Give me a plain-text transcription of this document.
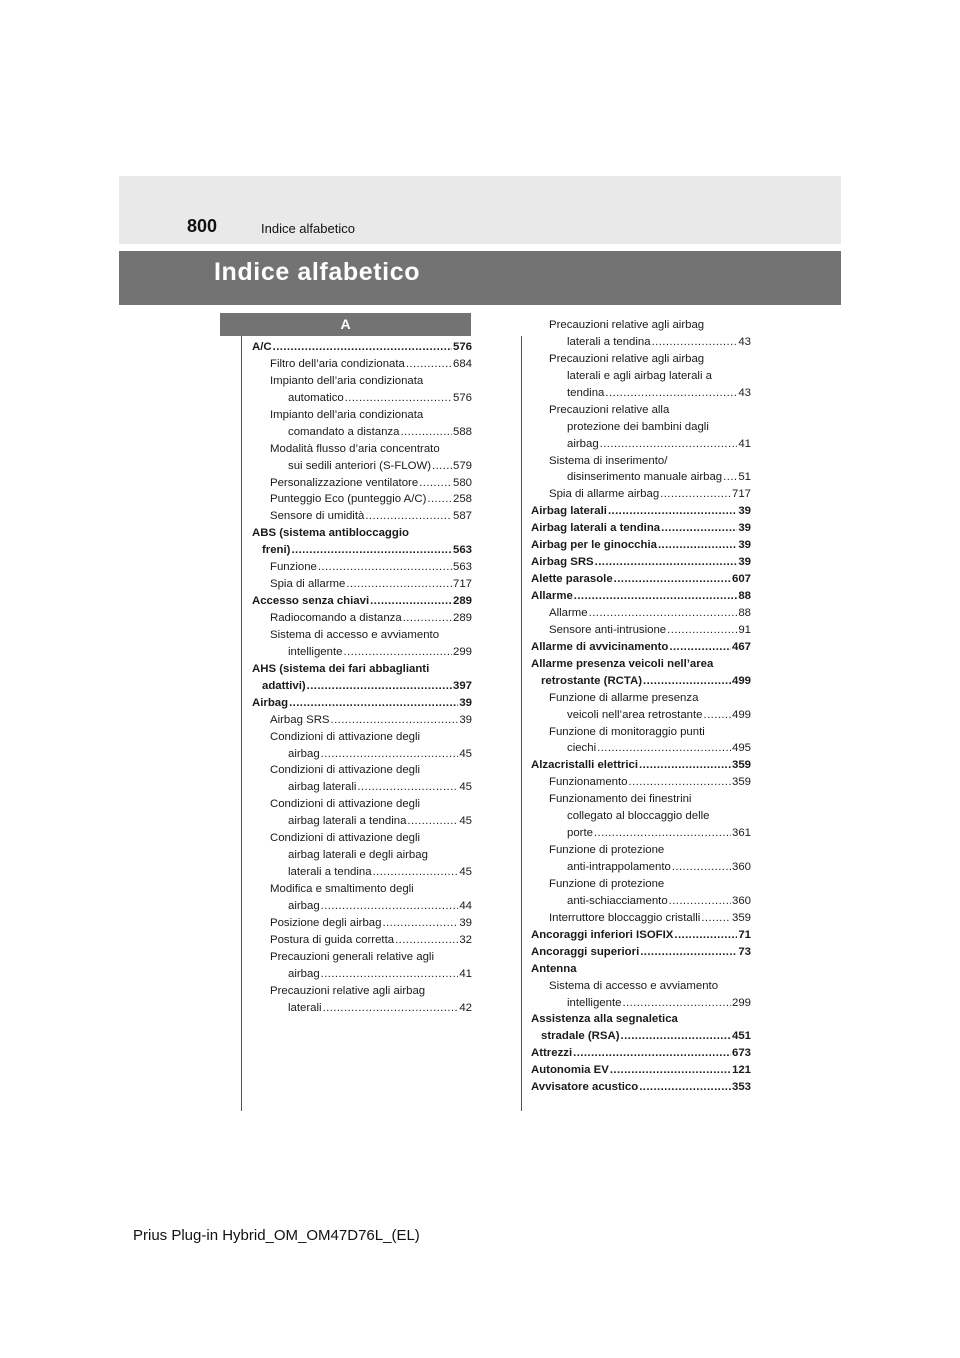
800	Indice alfabetico
Indice alfabetico
A
A/C .....	576
Filtro dell’aria condizionata .....	684
Impianto dell’aria condizionata
automatico .....	576
Impianto dell’aria condizionata
comandato a distanza .....	588
Modalità flusso d’aria concentrato
sui sedili anteriori (S-FLOW) ..... 579
Personalizzazione ventilatore .....	580
Punteggio Eco (punteggio A/C) ..... 258
Sensore di umidità .....	587
ABS (sistema antibloccaggio
freni) .....	563
Funzione .....	563
Spia di allarme .....	717
Accesso senza chiavi .....	289
Radiocomando a distanza .....	289
Sistema di accesso e avviamento
intelligente .....	299
AHS (sistema dei fari abbaglianti
adattivi) .....	397
Airbag .....	39
Airbag SRS .....	39
Condizioni di attivazione degli
airbag .....	45
Condizioni di attivazione degli
airbag laterali .....	45
Condizioni di attivazione degli
airbag laterali a tendina .....	45
Condizioni di attivazione degli
airbag laterali e degli airbag
laterali a tendina .....	45
Modifica e smaltimento degli
airbag .....	44
Posizione degli airbag .....	39
Postura di guida corretta .....	32
Precauzioni generali relative agli
airbag .....	41
Precauzioni relative agli airbag
laterali .....	42
Precauzioni relative agli airbag
laterali a tendina .....	43
Precauzioni relative agli airbag
laterali e agli airbag laterali a
tendina .....	43
Precauzioni relative alla
protezione dei bambini dagli
airbag .....	41
Sistema di inserimento/
disinserimento manuale airbag ..... 51
Spia di allarme airbag .....	717
Airbag laterali .....	39
Airbag laterali a tendina .....	39
Airbag per le ginocchia .....	39
Airbag SRS .....	39
Alette parasole .....	607
Allarme .....	88
Allarme .....	88
Sensore anti-intrusione .....	91
Allarme di avvicinamento .....	467
Allarme presenza veicoli nell’area
retrostante (RCTA) .....	499
Funzione di allarme presenza
veicoli nell’area retrostante .....	499
Funzione di monitoraggio punti
ciechi .....	495
Alzacristalli elettrici .....	359
Funzionamento .....	359
Funzionamento dei finestrini
collegato al bloccaggio delle
porte .....	361
Funzione di protezione
anti-intrappolamento .....	360
Funzione di protezione
anti-schiacciamento .....	360
Interruttore bloccaggio cristalli .....	359
Ancoraggi inferiori ISOFIX .....	71
Ancoraggi superiori .....	73
Antenna
Sistema di accesso e avviamento
intelligente .....	299
Assistenza alla segnaletica
stradale (RSA) .....	451
Attrezzi .....	673
Autonomia EV .....	121
Avvisatore acustico .....	353
Prius Plug-in Hybrid_OM_OM47D76L_(EL)
